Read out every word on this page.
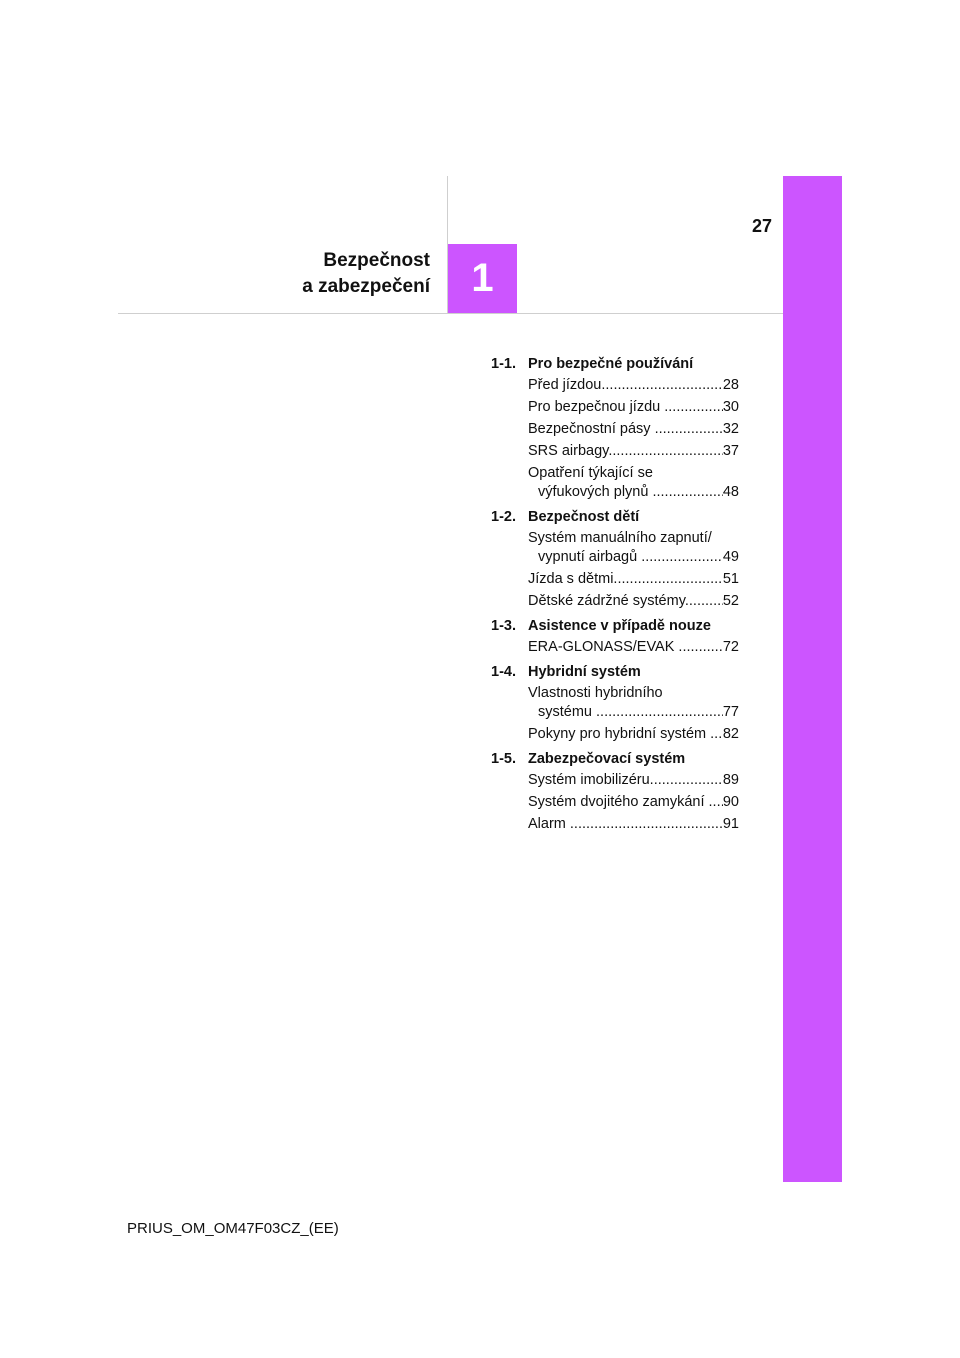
1
27
Bezpečnost
a zabezpečení
1-1. Pro bezpečné používání
Před jízdou .....	28
Pro bezpečnou jízdu  .....	30
Bezpečnostní pásy  .....	32
SRS airbagy .....	37
Opatření týkající se
výfukových plynů  .....	48
1-2. Bezpečnost dětí
Systém manuálního zapnutí/
vypnutí airbagů  .....	49
Jízda s dětmi .....	51
Dětské zádržné systémy .....	52
1-3. Asistence v případě nouze
ERA-GLONASS/EVAK  .....	72
1-4. Hybridní systém
Vlastnosti hybridního
systému  .....	77
Pokyny pro hybridní systém  ..... 82
1-5. Zabezpečovací systém
Systém imobilizéru .....	89
Systém dvojitého zamykání  ..... 90
Alarm  .....	91
PRIUS_OM_OM47F03CZ_(EE)
